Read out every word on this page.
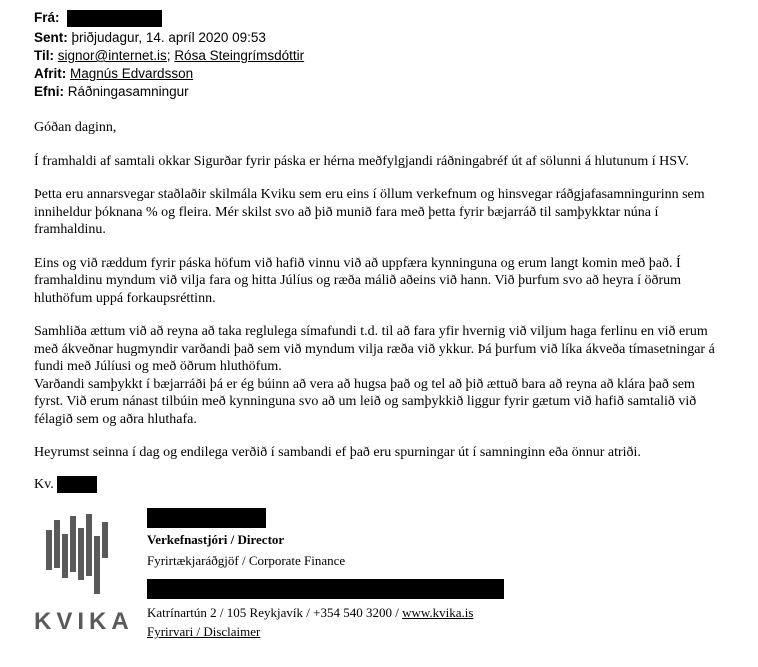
Frá:
Sent: þriðjudagur, 14. apríl 2020 09:53
Til: signor@internet.is; Rósa Steingrímsdóttir
Afrit: Magnús Edvardsson
Efni: Ráðningasamningur

Góðan daginn,

Í framhaldi af samtali okkar Sigurðar fyrir páska er hérna meðfylgjandi ráðningabréf út af sölunni á hlutunum í HSV.

Þetta eru annarsvegar staðlaðir skilmála Kviku sem eru eins í öllum verkefnum og hinsvegar ráðgjafasamningurinn sem inniheldur þóknana % og fleira. Mér skilst svo að þið munið fara með þetta fyrir bæjarráð til samþykktar núna í framhaldinu.

Eins og við ræddum fyrir páska höfum við hafið vinnu við að uppfæra kynninguna og erum langt komin með það. Í framhaldinu myndum við vilja fara og hitta Júlíus og ræða málið aðeins við hann. Við þurfum svo að heyra í öðrum hluthöfum uppá forkaupsréttinn.

Samhliða ættum við að reyna að taka reglulega símafundi t.d. til að fara yfir hvernig við viljum haga ferlinu en við erum með ákveðnar hugmyndir varðandi það sem við myndum vilja ræða við ykkur. Þá þurfum við líka ákveða tímasetningar á fundi með Júlíusi og með öðrum hluthöfum.

Varðandi samþykkt í bæjarráði þá er ég búinn að vera að hugsa það og tel að þið ættuð bara að reyna að klára það sem fyrst. Við erum nánast tilbúin með kynninguna svo að um leið og samþykkið liggur fyrir gætum við hafið samtalið við félagið sem og aðra hluthafa.

Heyrumst seinna í dag og endilega verðið í sambandi ef það eru spurningar út í samninginn eða önnur atriði.

Kv.

KVIKA
Verkefnastjóri / Director
Fyrirtækjaráðgjöf / Corporate Finance
Katrínartún 2 / 105 Reykjavík / +354 540 3200 / www.kvika.is
Fyrirvari / Disclaimer
